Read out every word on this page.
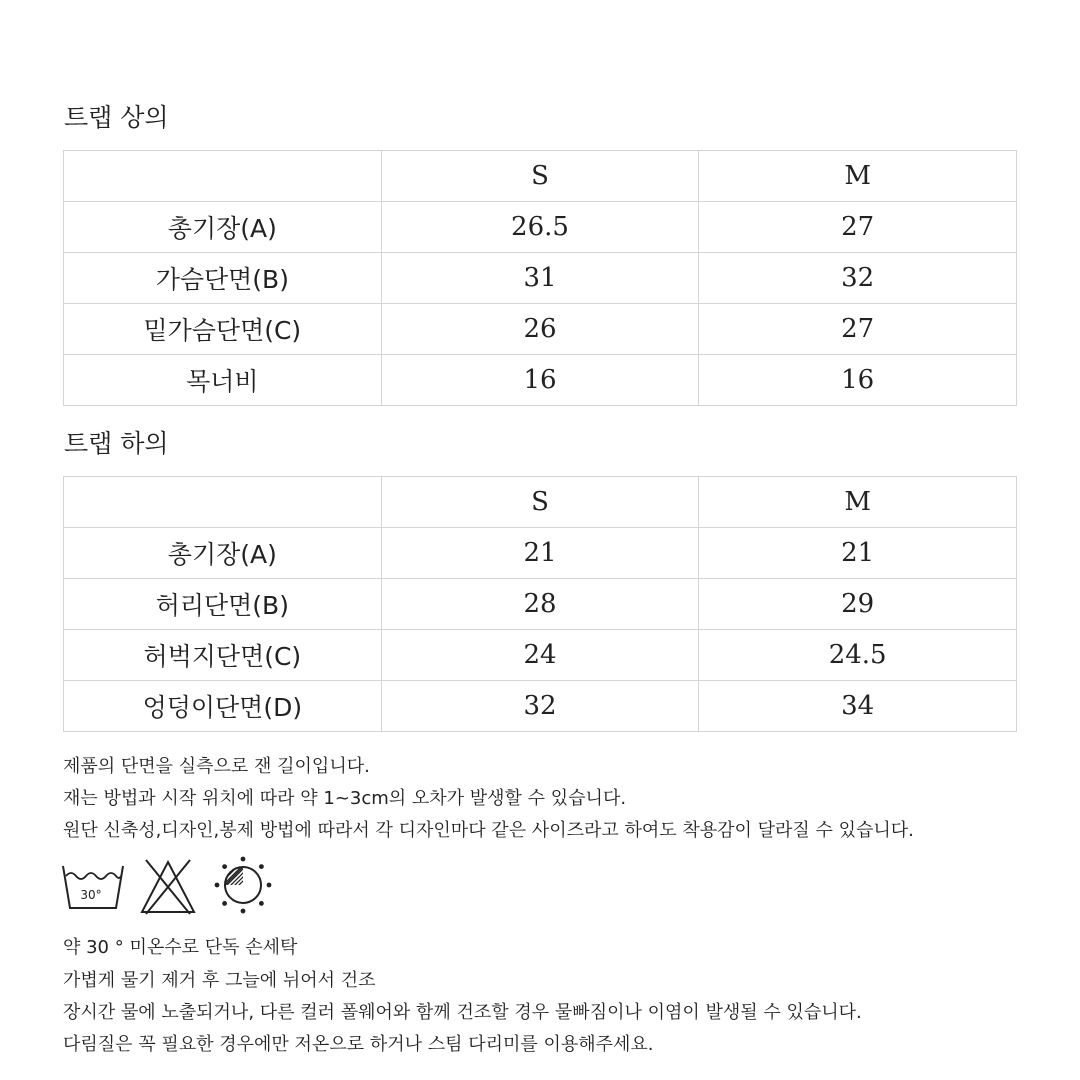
트랩 상의
	S	M
총기장(A)	26.5	27
가슴단면(B)	31	32
밑가슴단면(C)	26	27
목너비	16	16
트랩 하의
	S	M
총기장(A)	21	21
허리단면(B)	28	29
허벅지단면(C)	24	24.5
엉덩이단면(D)	32	34
제품의 단면을 실측으로 잰 길이입니다.
재는 방법과 시작 위치에 따라 약 1~3cm의 오차가 발생할 수 있습니다.
원단 신축성,디자인,봉제 방법에 따라서 각 디자인마다 같은 사이즈라고 하여도 착용감이 달라질 수 있습니다.
30°
약 30 ° 미온수로 단독 손세탁
가볍게 물기 제거 후 그늘에 뉘어서 건조
장시간 물에 노출되거나, 다른 컬러 폴웨어와 함께 건조할 경우 물빠짐이나 이염이 발생될 수 있습니다.
다림질은 꼭 필요한 경우에만 저온으로 하거나 스팀 다리미를 이용해주세요.
